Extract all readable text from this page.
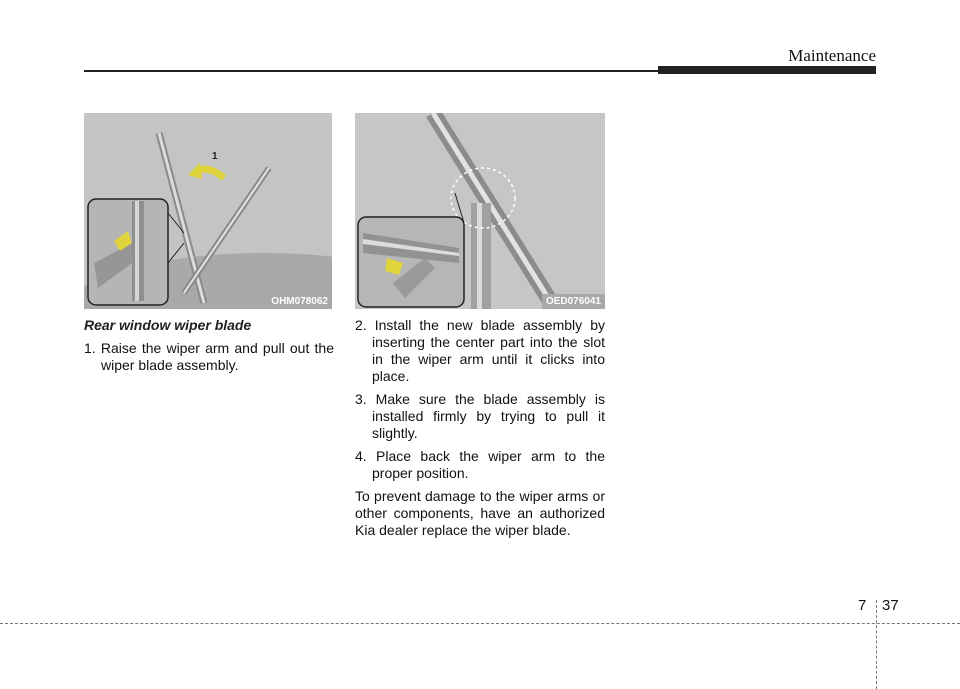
Maintenance
OHM078062
1
OED076041

Rear window wiper blade

1. Raise the wiper arm and pull out the wiper blade assembly.

2. Install the new blade assembly by inserting the center part into the slot in the wiper arm until it clicks into place.

3. Make sure the blade assembly is installed firmly by trying to pull it slightly.

4. Place back the wiper arm to the proper position.

To prevent damage to the wiper arms or other components, have an authorized Kia dealer replace the wiper blade.

7 37
